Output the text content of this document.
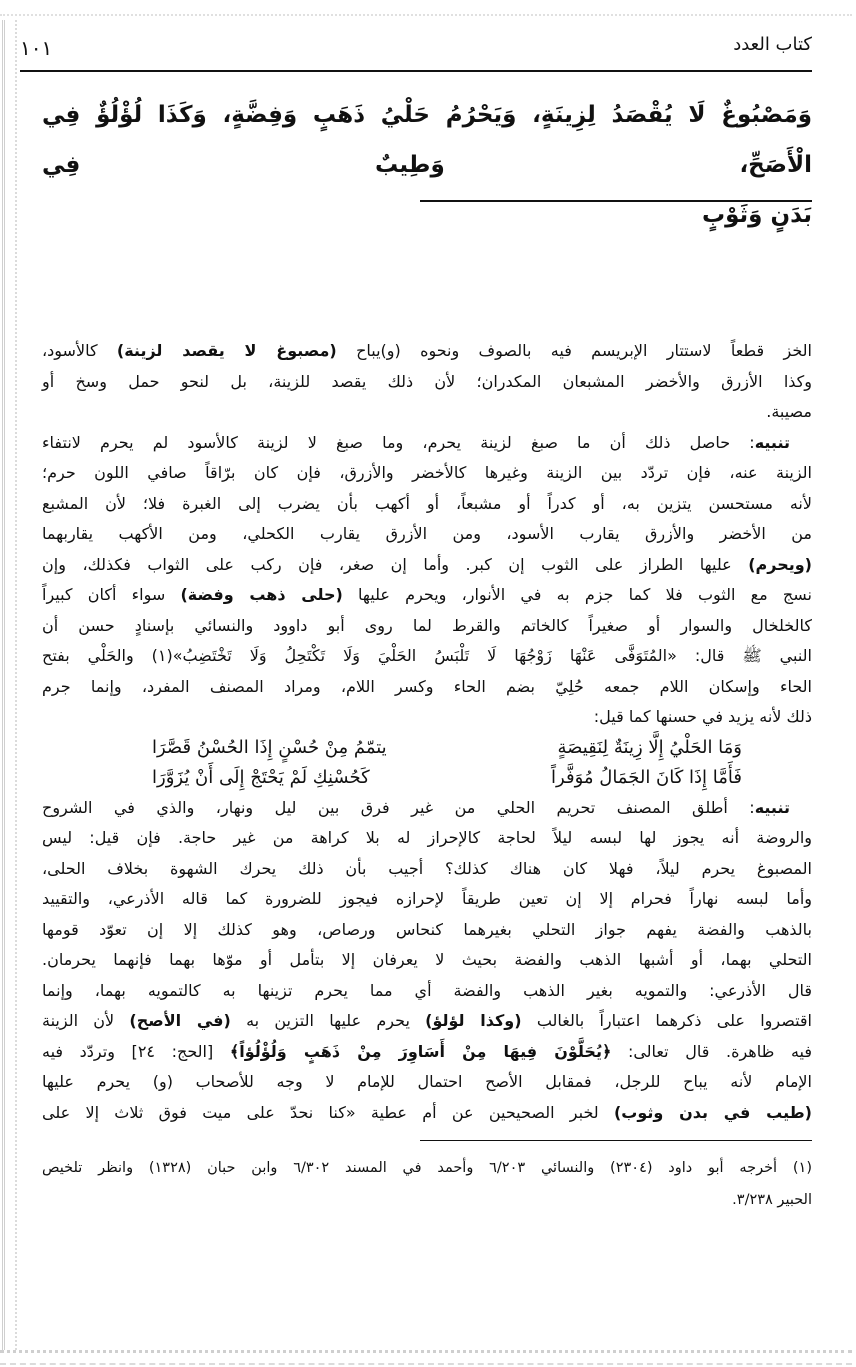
كتاب العدد
١٠١
وَمَصْبُوغٌ لَا يُقْصَدُ لِزِينَةٍ، وَيَحْرُمُ حَلْيُ ذَهَبٍ وَفِضَّةٍ، وَكَذَا لُؤْلُؤٌ فِي الْأَصَحِّ، وَطِيبٌ فِي
بَدَنٍ وَثَوْبٍ
الخز قطعاً لاستتار الإبريسم فيه بالصوف ونحوه (و)يباح (مصبوغ لا يقصد لزينة) كالأسود،
وكذا الأزرق والأخضر المشبعان المكدران؛ لأن ذلك يقصد للزينة، بل لنحو حمل وسخ أو
مصيبة.
تنبيه: حاصل ذلك أن ما صبغ لزينة يحرم، وما صبغ لا لزينة كالأسود لم يحرم لانتفاء
الزينة عنه، فإن تردّد بين الزينة وغيرها كالأخضر والأزرق، فإن كان برّاقاً صافي اللون حرم؛
لأنه مستحسن يتزين به، أو كدراً أو مشبعاً، أو أكهب بأن يضرب إلى الغبرة فلا؛ لأن المشبع
من الأخضر والأزرق يقارب الأسود، ومن الأزرق يقارب الكحلي، ومن الأكهب يقاربهما
(ويحرم) عليها الطراز على الثوب إن كبر. وأما إن صغر، فإن ركب على الثواب فكذلك، وإن
نسج مع الثوب فلا كما جزم به في الأنوار، ويحرم عليها (حلى ذهب وفضة) سواء أكان كبيراً
كالخلخال والسوار أو صغيراً كالخاتم والقرط لما روى أبو داوود والنسائي بإسنادٍ حسن أن
النبي ﷺ قال: «المُتَوَفَّى عَنْهَا زَوْجُهَا لَا تَلْبَسُ الحَلْيَ وَلَا تَكْتَحِلُ وَلَا تَخْتَضِبُ»(١) والحَلْي بفتح
الحاء وإسكان اللام جمعه حُلِيّ بضم الحاء وكسر اللام، ومراد المصنف المفرد، وإنما جرم
ذلك لأنه يزيد في حسنها كما قيل:
وَمَا الحَلْيُ إِلَّا زِينَةٌ لِنَقِيصَةٍ
يتمّمُ مِنْ حُسْنٍ إِذَا الحُسْنُ قَصَّرَا
فَأَمَّا إِذَا كَانَ الجَمَالُ مُوَفَّراً
كَحُسْنِكِ لَمْ يَحْتَجْ إِلَى أَنْ يُزَوَّرَا
تنبيه: أطلق المصنف تحريم الحلي من غير فرق بين ليل ونهار، والذي في الشروح
والروضة أنه يجوز لها لبسه ليلاً لحاجة كالإحراز له بلا كراهة من غير حاجة. فإن قيل: ليس
المصبوغ يحرم ليلاً، فهلا كان هناك كذلك؟ أجيب بأن ذلك يحرك الشهوة بخلاف الحلى،
وأما لبسه نهاراً فحرام إلا إن تعين طريقاً لإحرازه فيجوز للضرورة كما قاله الأذرعي، والتقييد
بالذهب والفضة يفهم جواز التحلي بغيرهما كنحاس ورصاص، وهو كذلك إلا إن تعوّد قومها
التحلي بهما، أو أشبها الذهب والفضة بحيث لا يعرفان إلا بتأمل أو موّها بهما فإنهما يحرمان.
قال الأذرعي: والتمويه بغير الذهب والفضة أي مما يحرم تزينها به كالتمويه بهما، وإنما
اقتصروا على ذكرهما اعتباراً بالغالب (وكذا لؤلؤ) يحرم عليها التزين به (في الأصح) لأن الزينة
فيه ظاهرة. قال تعالى: ﴿يُحَلَّوْنَ فِيهَا مِنْ أَسَاوِرَ مِنْ ذَهَبٍ وَلُؤْلُؤاً﴾ [الحج: ٢٤] وتردّد فيه
الإمام لأنه يباح للرجل، فمقابل الأصح احتمال للإمام لا وجه للأصحاب (و) يحرم عليها
(طيب في بدن وثوب) لخبر الصحيحين عن أم عطية «كنا نحدّ على ميت فوق ثلاث إلا على
(١) أخرجه أبو داود (٢٣٠٤) والنسائي ٦/٢٠٣ وأحمد في المسند ٦/٣٠٢ وابن حبان (١٣٢٨) وانظر تلخيص
الحبير ٣/٢٣٨.
